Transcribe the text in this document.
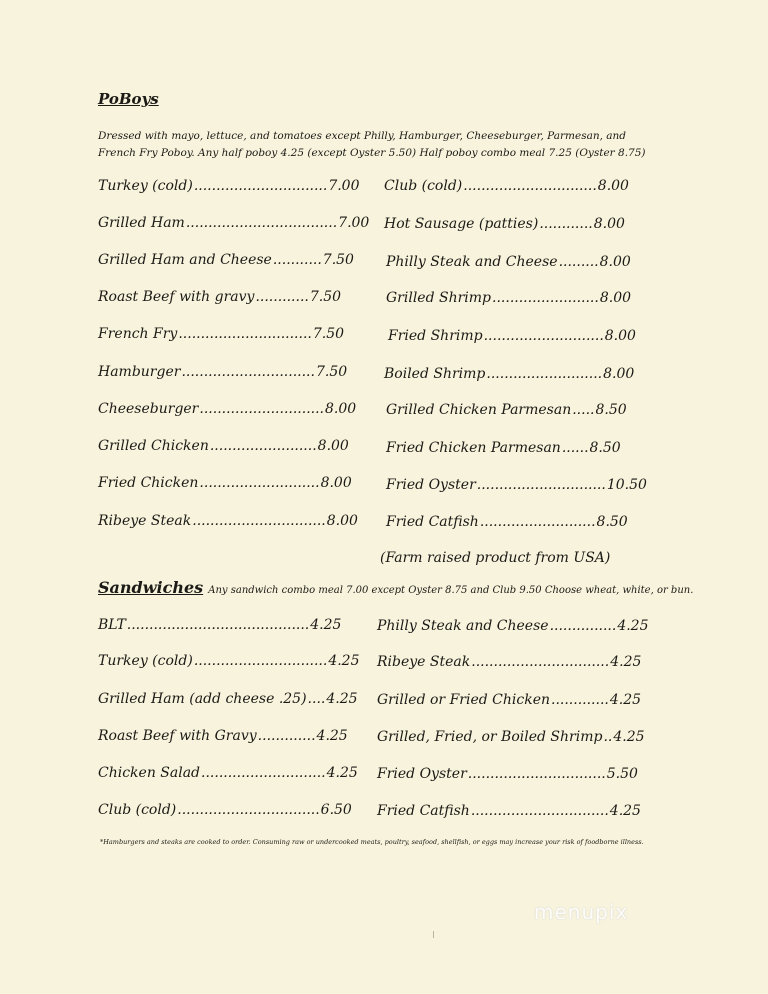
PoBoys
Dressed with mayo, lettuce, and tomatoes except Philly, Hamburger, Cheeseburger, Parmesan, and French Fry Poboy. Any half poboy 4.25 (except Oyster 5.50) Half poboy combo meal 7.25 (Oyster 8.75)
Turkey (cold)..............................7.00
Grilled Ham..................................7.00
Grilled Ham and Cheese...........7.50
Roast Beef with gravy............7.50
French Fry..............................7.50
Hamburger..............................7.50
Cheeseburger............................8.00
Grilled Chicken........................8.00
Fried Chicken...........................8.00
Ribeye Steak..............................8.00
Club (cold)..............................8.00
Hot Sausage (patties)............8.00
Philly Steak and Cheese.........8.00
Grilled Shrimp........................8.00
Fried Shrimp...........................8.00
Boiled Shrimp..........................8.00
Grilled Chicken Parmesan.....8.50
Fried Chicken Parmesan......8.50
Fried Oyster.............................10.50
Fried Catfish..........................8.50
(Farm raised product from USA)
Sandwiches Any sandwich combo meal 7.00 except Oyster 8.75 and Club 9.50 Choose wheat, white, or bun.
BLT.........................................4.25
Turkey (cold)..............................4.25
Grilled Ham (add cheese .25)....4.25
Roast Beef with Gravy.............4.25
Chicken Salad............................4.25
Club (cold)................................6.50
Philly Steak and Cheese...............4.25
Ribeye Steak...............................4.25
Grilled or Fried Chicken.............4.25
Grilled, Fried, or Boiled Shrimp..4.25
Fried Oyster...............................5.50
Fried Catfish...............................4.25
*Hamburgers and steaks are cooked to order. Consuming raw or undercooked meats, poultry, seafood, shellfish, or eggs may increase your risk of foodborne illness.
menupix
